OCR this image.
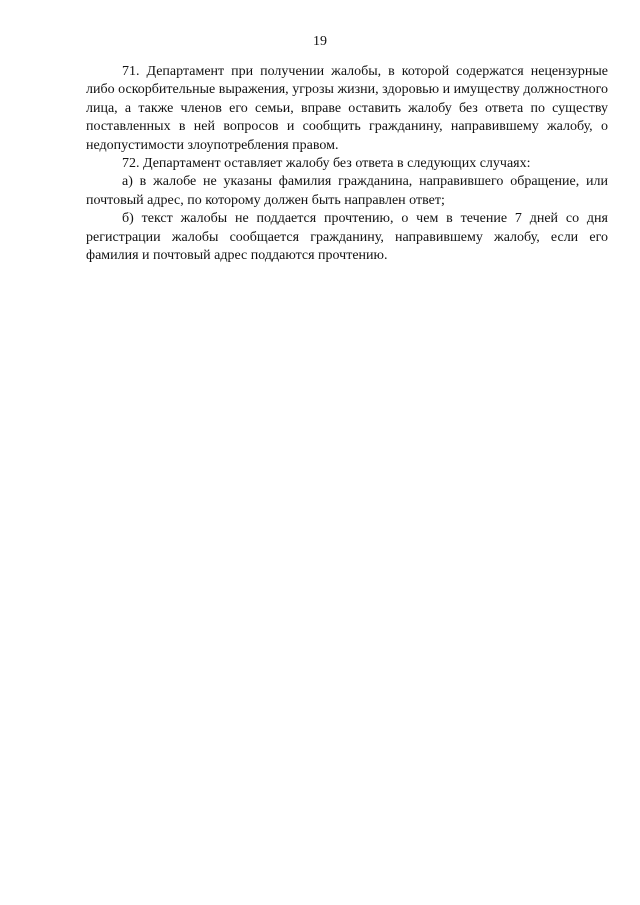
19

71. Департамент при получении жалобы, в которой содержатся нецензурные либо оскорбительные выражения, угрозы жизни, здоровью и имуществу должностного лица, а также членов его семьи, вправе оставить жалобу без ответа по существу поставленных в ней вопросов и сообщить гражданину, направившему жалобу, о недопустимости злоупотребления правом.

72. Департамент оставляет жалобу без ответа в следующих случаях:

а) в жалобе не указаны фамилия гражданина, направившего обращение, или почтовый адрес, по которому должен быть направлен ответ;

б) текст жалобы не поддается прочтению, о чем в течение 7 дней со дня регистрации жалобы сообщается гражданину, направившему жалобу, если его фамилия и почтовый адрес поддаются прочтению.
